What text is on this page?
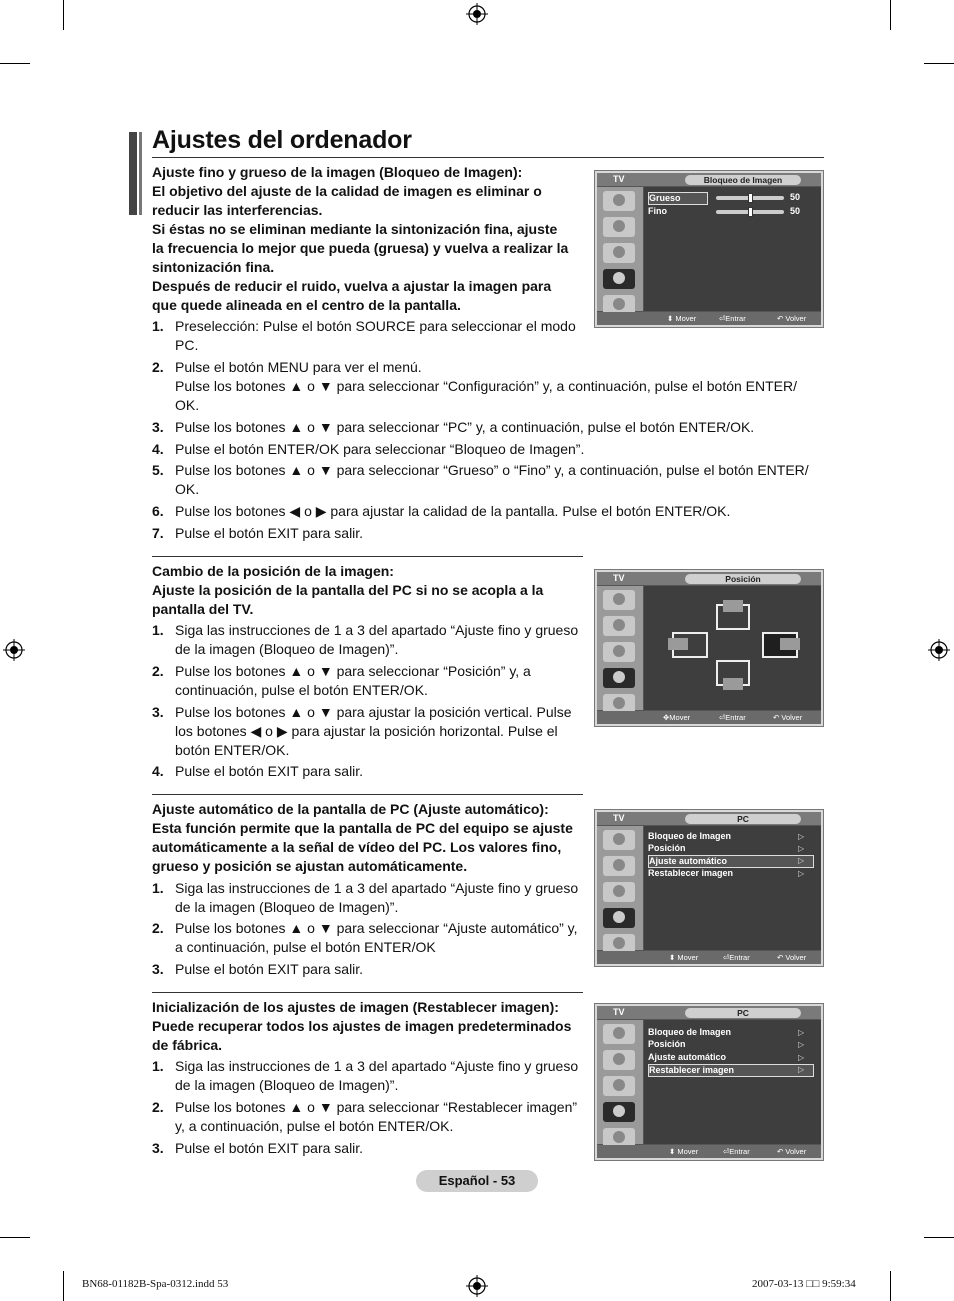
Ajustes del ordenador
Ajuste fino y grueso de la imagen (Bloqueo de Imagen):
El objetivo del ajuste de la calidad de imagen es eliminar o
reducir las interferencias.
Si éstas no se eliminan mediante la sintonización fina, ajuste
la frecuencia lo mejor que pueda (gruesa) y vuelva a realizar la
sintonización fina.
Después de reducir el ruido, vuelva a ajustar la imagen para
que quede alineada en el centro de la pantalla.
1. Preselección: Pulse el botón SOURCE para seleccionar el modo
PC.
2. Pulse el botón MENU para ver el menú.
Pulse los botones ▲ o ▼ para seleccionar “Configuración” y, a continuación, pulse el botón ENTER/
OK.
3. Pulse los botones ▲ o ▼ para seleccionar “PC” y, a continuación, pulse el botón ENTER/OK.
4. Pulse el botón ENTER/OK para seleccionar “Bloqueo de Imagen”.
5. Pulse los botones ▲ o ▼ para seleccionar “Grueso” o “Fino” y, a continuación, pulse el botón ENTER/
OK.
6. Pulse los botones ◀ o ▶ para ajustar la calidad de la pantalla. Pulse el botón ENTER/OK.
7. Pulse el botón EXIT para salir.
TV	Bloqueo de Imagen
Grueso
Fino
50
50
⬍ Mover	⏎Entrar	↶ Volver
Cambio de la posición de la imagen:
Ajuste la posición de la pantalla del PC si no se acopla a la
pantalla del TV.
1. Siga las instrucciones de 1 a 3 del apartado “Ajuste fino y grueso
de la imagen (Bloqueo de Imagen)”.
2. Pulse los botones ▲ o ▼ para seleccionar “Posición” y, a
continuación, pulse el botón ENTER/OK.
3. Pulse los botones ▲ o ▼ para ajustar la posición vertical. Pulse
los botones ◀ o ▶ para ajustar la posición horizontal. Pulse el
botón ENTER/OK.
4. Pulse el botón EXIT para salir.
TV	Posición
✥Mover	⏎Entrar	↶ Volver
Ajuste automático de la pantalla de PC (Ajuste automático):
Esta función permite que la pantalla de PC del equipo se ajuste
automáticamente a la señal de vídeo del PC. Los valores fino,
grueso y posición se ajustan automáticamente.
1. Siga las instrucciones de 1 a 3 del apartado “Ajuste fino y grueso
de la imagen (Bloqueo de Imagen)”.
2. Pulse los botones ▲ o ▼ para seleccionar “Ajuste automático” y,
a continuación, pulse el botón ENTER/OK
3. Pulse el botón EXIT para salir.
TV	PC
Bloqueo de Imagen
Posición
Ajuste automático
Restablecer imagen
▷
▷
▷
▷
⬍ Mover	⏎Entrar	↶ Volver
Inicialización de los ajustes de imagen (Restablecer imagen):
Puede recuperar todos los ajustes de imagen predeterminados
de fábrica.
1. Siga las instrucciones de 1 a 3 del apartado “Ajuste fino y grueso
de la imagen (Bloqueo de Imagen)”.
2. Pulse los botones ▲ o ▼ para seleccionar “Restablecer imagen”
y, a continuación, pulse el botón ENTER/OK.
3. Pulse el botón EXIT para salir.
TV	PC
Bloqueo de Imagen
Posición
Ajuste automático
Restablecer imagen
▷
▷
▷
▷
⬍ Mover	⏎Entrar	↶ Volver
Español - 53
BN68-01182B-Spa-0312.indd 53	2007-03-13 □□ 9:59:34
